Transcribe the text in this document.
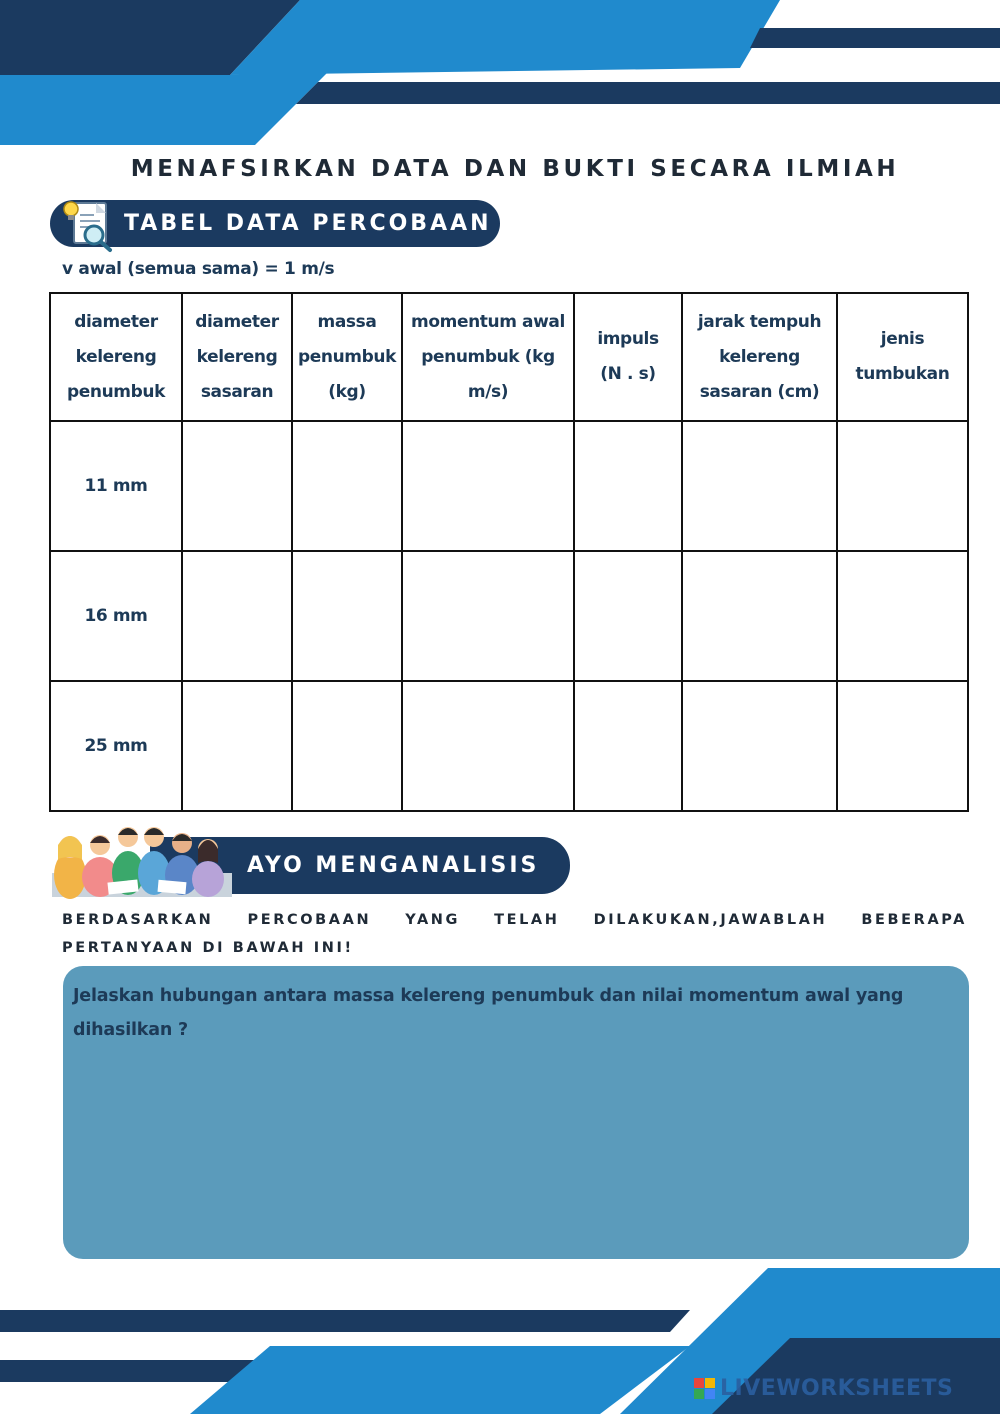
MENAFSIRKAN DATA DAN BUKTI SECARA ILMIAH
TABEL DATA PERCOBAAN
v awal (semua sama) = 1 m/s
diameter kelereng penumbuk	diameter kelereng sasaran	massa penumbuk (kg)	momentum awal penumbuk (kg m/s)	impuls (N . s)	jarak tempuh kelereng sasaran (cm)	jenis tumbukan
11 mm						
16 mm						
25 mm						
AYO MENGANALISIS
BERDASARKAN PERCOBAAN YANG TELAH DILAKUKAN,JAWABLAH BEBERAPA PERTANYAAN DI BAWAH INI!
Jelaskan hubungan antara massa kelereng penumbuk dan nilai momentum awal yang dihasilkan ?
LIVEWORKSHEETS
